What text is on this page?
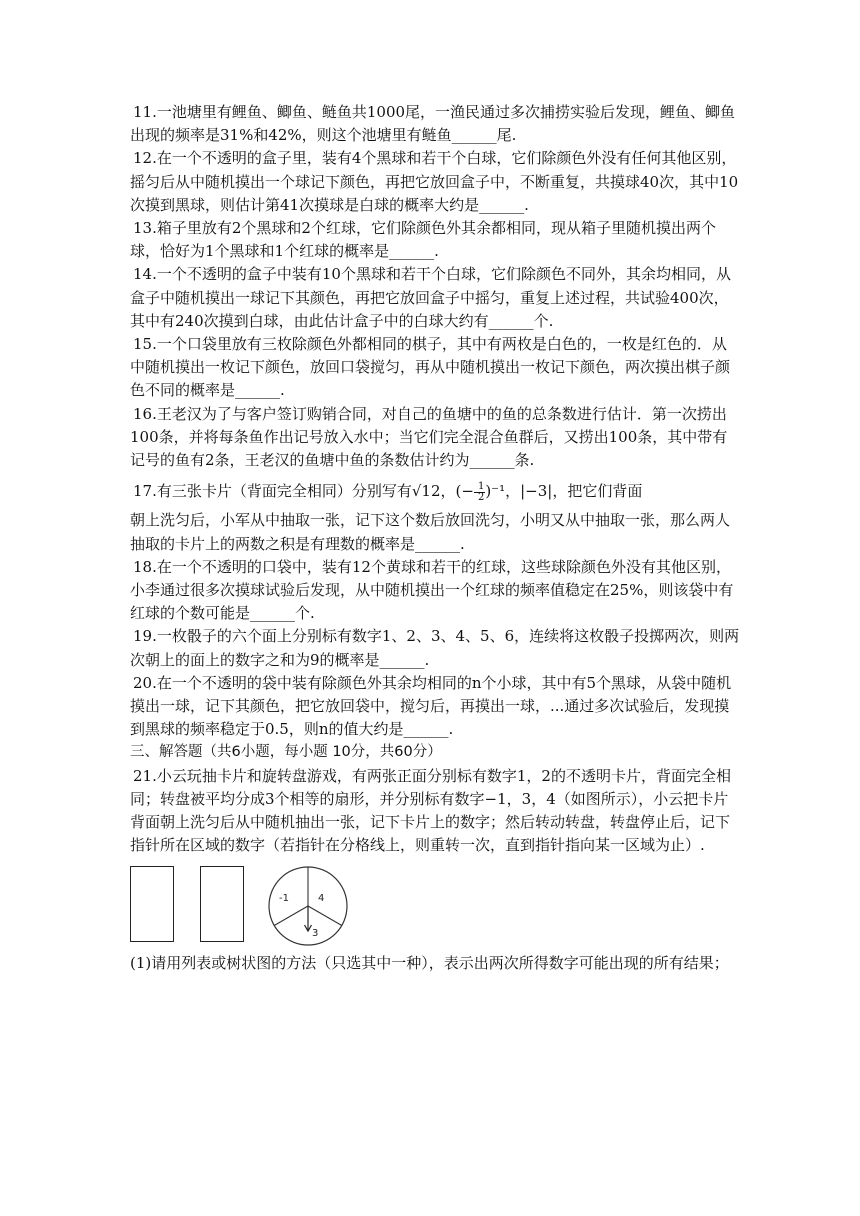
11.一池塘里有鲤鱼、鲫鱼、鲢鱼共1000尾，一渔民通过多次捕捞实验后发现，鲤鱼、鲫鱼出现的频率是31%和42%，则这个池塘里有鲢鱼______尾.

12.在一个不透明的盒子里，装有4个黑球和若干个白球，它们除颜色外没有任何其他区别，摇匀后从中随机摸出一个球记下颜色，再把它放回盒子中，不断重复，共摸球40次，其中10次摸到黑球，则估计第41次摸球是白球的概率大约是______.

13.箱子里放有2个黑球和2个红球，它们除颜色外其余都相同，现从箱子里随机摸出两个球，恰好为1个黑球和1个红球的概率是______.

14.一个不透明的盒子中装有10个黑球和若干个白球，它们除颜色不同外，其余均相同，从盒子中随机摸出一球记下其颜色，再把它放回盒子中摇匀，重复上述过程，共试验400次，其中有240次摸到白球，由此估计盒子中的白球大约有______个.

15.一个口袋里放有三枚除颜色外都相同的棋子，其中有两枚是白色的，一枚是红色的．从中随机摸出一枚记下颜色，放回口袋搅匀，再从中随机摸出一枚记下颜色，两次摸出棋子颜色不同的概率是______.

16.王老汉为了与客户签订购销合同，对自己的鱼塘中的鱼的总条数进行估计．第一次捞出100条，并将每条鱼作出记号放入水中；当它们完全混合鱼群后，又捞出100条，其中带有记号的鱼有2条，王老汉的鱼塘中鱼的条数估计约为______条.

17.有三张卡片（背面完全相同）分别写有√12，(− $\frac{1}{2} )^{-1}$，|−3|，把它们背面

朝上洗匀后，小军从中抽取一张，记下这个数后放回洗匀，小明又从中抽取一张，那么两人抽取的卡片上的两数之积是有理数的概率是______.

18.在一个不透明的口袋中，装有12个黄球和若干的红球，这些球除颜色外没有其他区别，小李通过很多次摸球试验后发现，从中随机摸出一个红球的频率值稳定在25%，则该袋中有红球的个数可能是______个.

19.一枚骰子的六个面上分别标有数字1、2、3、4、5、6，连续将这枚骰子投掷两次，则两次朝上的面上的数字之和为9的概率是______.

20.在一个不透明的袋中装有除颜色外其余均相同的n个小球，其中有5个黑球，从袋中随机摸出一球，记下其颜色，把它放回袋中，搅匀后，再摸出一球，...通过多次试验后，发现摸到黑球的频率稳定于0.5，则n的值大约是______.

三、解答题（共6小题，每小题 10分，共60分）

21.小云玩抽卡片和旋转盘游戏，有两张正面分别标有数字1，2的不透明卡片，背面完全相同；转盘被平均分成3个相等的扇形，并分别标有数字−1，3，4（如图所示），小云把卡片背面朝上洗匀后从中随机抽出一张，记下卡片上的数字；然后转动转盘，转盘停止后，记下指针所在区域的数字（若指针在分格线上，则重转一次，直到指针指向某一区域为止）.

-1	4
3

(1)请用列表或树状图的方法（只选其中一种），表示出两次所得数字可能出现的所有结果；
